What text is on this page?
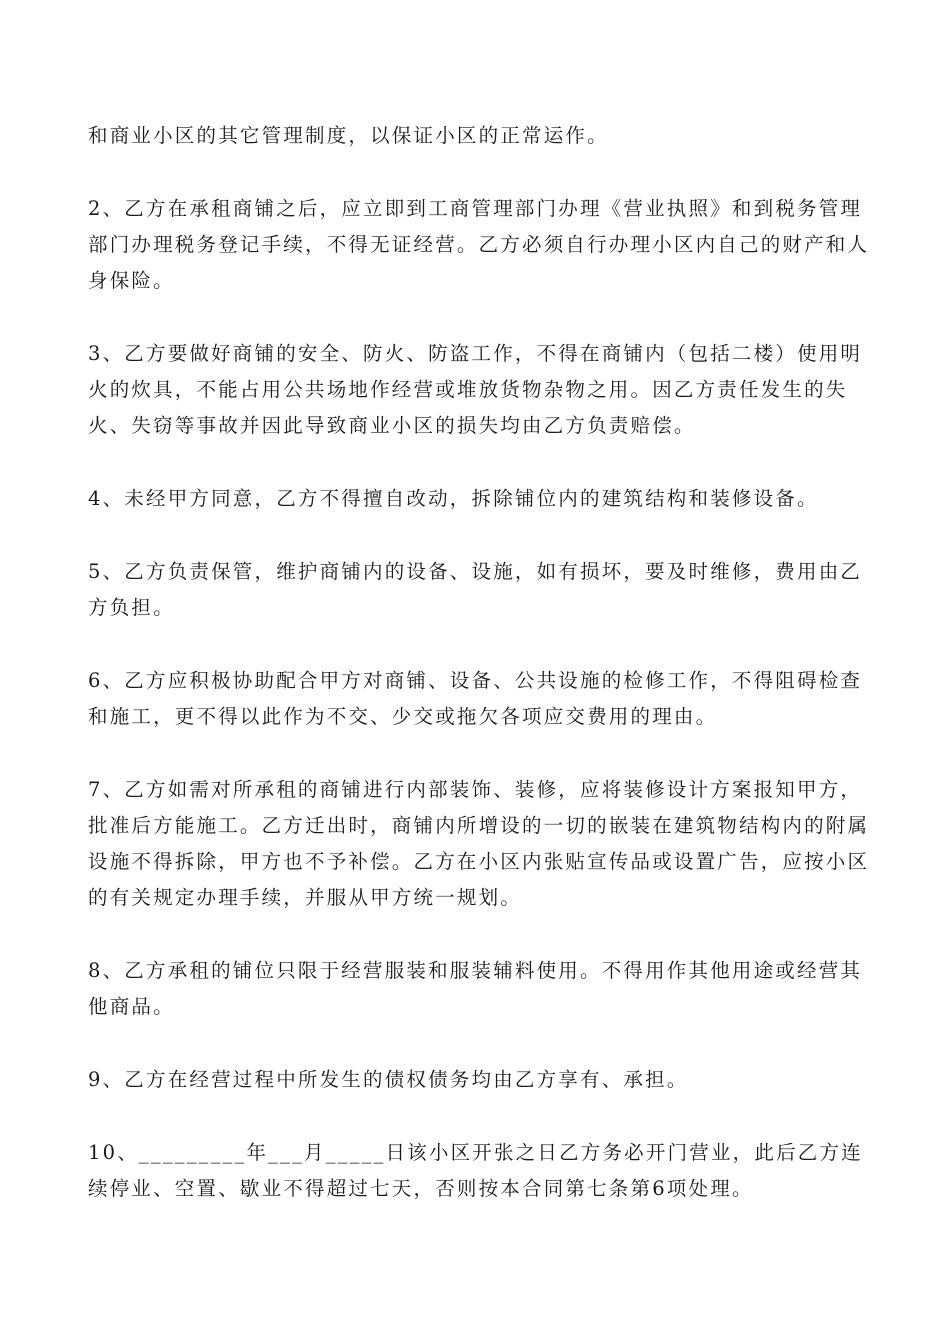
和商业小区的其它管理制度，以保证小区的正常运作。

2、乙方在承租商铺之后，应立即到工商管理部门办理《营业执照》和到税务管理部门办理税务登记手续，不得无证经营。乙方必须自行办理小区内自己的财产和人身保险。

3、乙方要做好商铺的安全、防火、防盗工作，不得在商铺内（包括二楼）使用明火的炊具，不能占用公共场地作经营或堆放货物杂物之用。因乙方责任发生的失火、失窃等事故并因此导致商业小区的损失均由乙方负责赔偿。

4、未经甲方同意，乙方不得擅自改动，拆除铺位内的建筑结构和装修设备。

5、乙方负责保管，维护商铺内的设备、设施，如有损坏，要及时维修，费用由乙方负担。

6、乙方应积极协助配合甲方对商铺、设备、公共设施的检修工作，不得阻碍检查和施工，更不得以此作为不交、少交或拖欠各项应交费用的理由。

7、乙方如需对所承租的商铺进行内部装饰、装修，应将装修设计方案报知甲方，批准后方能施工。乙方迁出时，商铺内所增设的一切的嵌装在建筑物结构内的附属设施不得拆除，甲方也不予补偿。乙方在小区内张贴宣传品或设置广告，应按小区的有关规定办理手续，并服从甲方统一规划。

8、乙方承租的铺位只限于经营服装和服装辅料使用。不得用作其他用途或经营其他商品。

9、乙方在经营过程中所发生的债权债务均由乙方享有、承担。

10、_________年___月_____日该小区开张之日乙方务必开门营业，此后乙方连续停业、空置、歇业不得超过七天，否则按本合同第七条第6项处理。
